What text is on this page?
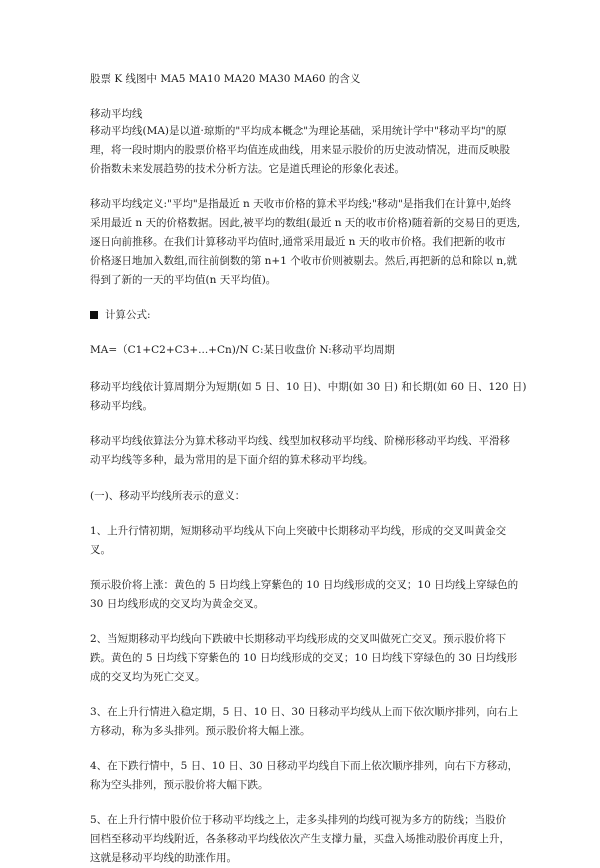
股票 K 线图中 MA5 MA10 MA20 MA30 MA60 的含义
移动平均线
移动平均线(MA)是以道·琼斯的"平均成本概念"为理论基础，采用统计学中"移动平均"的原
理，将一段时期内的股票价格平均值连成曲线，用来显示股价的历史波动情况，进而反映股
价指数未来发展趋势的技术分析方法。它是道氏理论的形象化表述。
移动平均线定义:"平均"是指最近 n 天收市价格的算术平均线;"移动"是指我们在计算中,始终
采用最近 n 天的价格数据。因此,被平均的数组(最近 n 天的收市价格)随着新的交易日的更迭,
逐日向前推移。在我们计算移动平均值时,通常采用最近 n 天的收市价格。我们把新的收市
价格逐日地加入数组,而往前倒数的第 n+1 个收市价则被剔去。然后,再把新的总和除以 n,就
得到了新的一天的平均值(n 天平均值)。
计算公式:
MA=（C1+C2+C3+...+Cn)/N C:某日收盘价 N:移动平均周期
移动平均线依计算周期分为短期(如 5 日、10 日)、中期(如 30 日) 和长期(如 60 日、120 日)
移动平均线。
移动平均线依算法分为算术移动平均线、线型加权移动平均线、阶梯形移动平均线、平滑移
动平均线等多种，最为常用的是下面介绍的算术移动平均线。
(一)、移动平均线所表示的意义：
1、上升行情初期，短期移动平均线从下向上突破中长期移动平均线，形成的交叉叫黄金交
叉。
预示股价将上涨：黄色的 5 日均线上穿紫色的 10 日均线形成的交叉；10 日均线上穿绿色的
30 日均线形成的交叉均为黄金交叉。
2、当短期移动平均线向下跌破中长期移动平均线形成的交叉叫做死亡交叉。预示股价将下
跌。黄色的 5 日均线下穿紫色的 10 日均线形成的交叉；10 日均线下穿绿色的 30 日均线形
成的交叉均为死亡交叉。
3、在上升行情进入稳定期，5 日、10 日、30 日移动平均线从上而下依次顺序排列，向右上
方移动，称为多头排列。预示股价将大幅上涨。
4、在下跌行情中，5 日、10 日、30 日移动平均线自下而上依次顺序排列，向右下方移动，
称为空头排列，预示股价将大幅下跌。
5、在上升行情中股价位于移动平均线之上，走多头排列的均线可视为多方的防线；当股价
回档至移动平均线附近，各条移动平均线依次产生支撑力量，买盘入场推动股价再度上升，
这就是移动平均线的助涨作用。
